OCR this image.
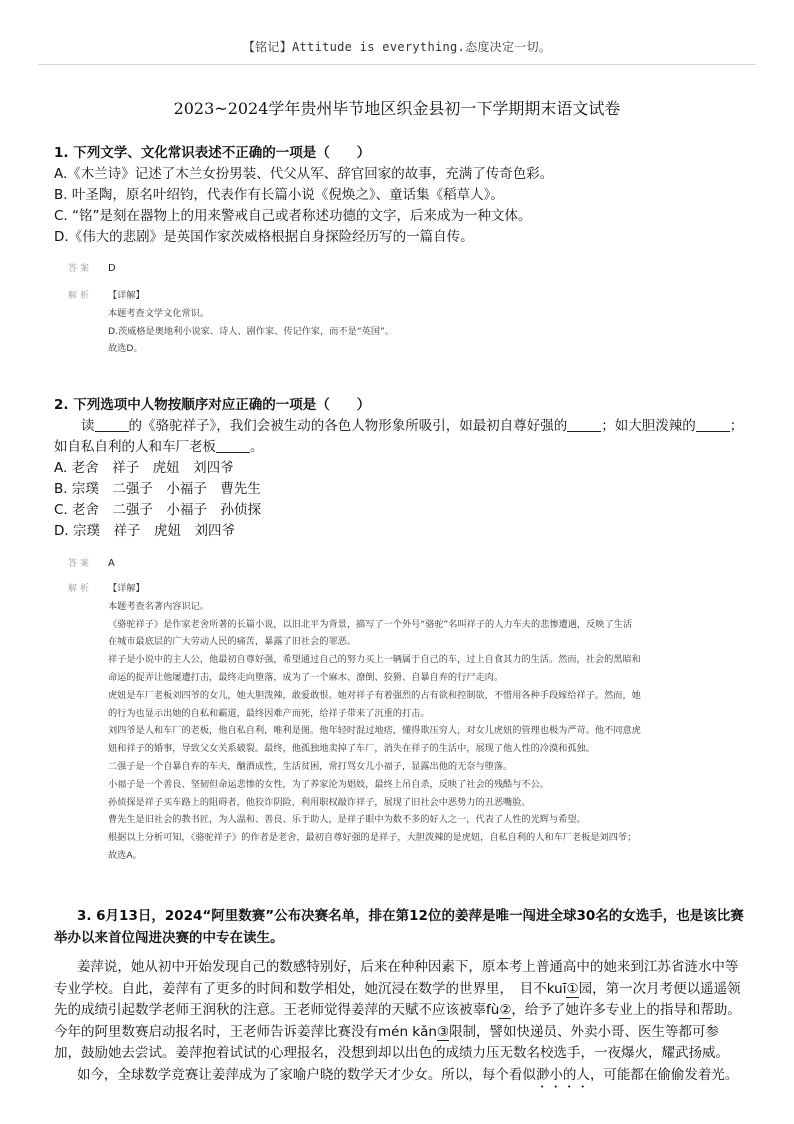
【铭记】Attitude is everything.态度决定一切。
2023~2024学年贵州毕节地区织金县初一下学期期末语文试卷
1. 下列文学、文化常识表述不正确的一项是（　　）
A.《木兰诗》记述了木兰女扮男装、代父从军、辞官回家的故事，充满了传奇色彩。
B. 叶圣陶，原名叶绍钧，代表作有长篇小说《倪焕之》、童话集《稻草人》。
C. “铭”是刻在器物上的用来警戒自己或者称述功德的文字，后来成为一种文体。
D.《伟大的悲剧》是英国作家茨威格根据自身探险经历写的一篇自传。
答案	D
解析	【详解】
本题考查文学文化常识。
D.茨威格是奥地利小说家、诗人、剧作家、传记作家，而不是“英国”。
故选D。
2. 下列选项中人物按顺序对应正确的一项是（　　）
读	的《骆驼祥子》，我们会被生动的各色人物形象所吸引，如最初自尊好强的	；如大胆泼辣的	；如自私自利的人和车厂老板	。
A. 老舍　祥子　虎妞　刘四爷
B. 宗璞　二强子　小福子　曹先生
C. 老舍　二强子　小福子　孙侦探
D. 宗璞　祥子　虎妞　刘四爷
答案	A
解析	【详解】
本题考查名著内容识记。
《骆驼祥子》是作家老舍所著的长篇小说，以旧北平为背景，描写了一个外号“骆驼”名叫祥子的人力车夫的悲惨遭遇，反映了生活
在城市最底层的广大劳动人民的痛苦，暴露了旧社会的罪恶。
祥子是小说中的主人公，他最初自尊好强，希望通过自己的努力买上一辆属于自己的车，过上自食其力的生活。然而，社会的黑暗和
命运的捉弄让他屡遭打击，最终走向堕落，成为了一个麻木、潦倒、狡猾、自暴自弃的行尸走肉。
虎妞是车厂老板刘四爷的女儿，她大胆泼辣，敢爱敢恨。她对祥子有着强烈的占有欲和控制欲，不惜用各种手段嫁给祥子。然而，她
的行为也显示出她的自私和霸道，最终因难产而死，给祥子带来了沉重的打击。
刘四爷是人和车厂的老板，他自私自利，唯利是图。他年轻时混过地痞，懂得欺压穷人，对女儿虎妞的管理也极为严苛。他不同意虎
妞和祥子的婚事，导致父女关系破裂。最终，他孤独地卖掉了车厂，消失在祥子的生活中，展现了他人性的冷漠和孤独。
二强子是一个自暴自弃的车夫，酗酒成性，生活贫困，常打骂女儿小福子，显露出他的无奈与堕落。
小福子是一个善良、坚韧但命运悲惨的女性，为了养家沦为娼妓，最终上吊自杀，反映了社会的残酷与不公。
孙侦探是祥子买车路上的阻碍者，他狡诈阴险，利用职权敲诈祥子，展现了旧社会中恶势力的丑恶嘴脸。
曹先生是旧社会的教书匠，为人温和、善良、乐于助人，是祥子眼中为数不多的好人之一，代表了人性的光辉与希望。
根据以上分析可知，《骆驼祥子》的作者是老舍，最初自尊好强的是祥子，大胆泼辣的是虎妞，自私自利的人和车厂老板是刘四爷；
故选A。
3. 6月13日，2024“阿里数赛”公布决赛名单，排在第12位的姜萍是唯一闯进全球30名的女选手，也是该比赛举办以来首位闯进决赛的中专在读生。
姜萍说，她从初中开始发现自己的数感特别好，后来在种种因素下，原本考上普通高中的她来到江苏省涟水中等专业学校。自此，姜萍有了更多的时间和数学相处，她沉浸在数学的世界里，　 目不kuī①园，第一次月考便以遥遥领先的成绩引起数学老师王润秋的注意。王老师觉得姜萍的天赋不应该被辜fù②，给予了她许多专业上的指导和帮助。今年的阿里数赛启动报名时，王老师告诉姜萍比赛没有mén kǎn③限制，譬如快递员、外卖小哥、医生等都可参加，鼓励她去尝试。姜萍抱着试试的心理报名，没想到却以出色的成绩力压无数名校选手，一夜爆火，耀武扬威。
如今，全球数学竞赛让姜萍成为了家喻户晓的数学天才少女。所以，每个看似渺小的人，可能都在偷偷发着光。
